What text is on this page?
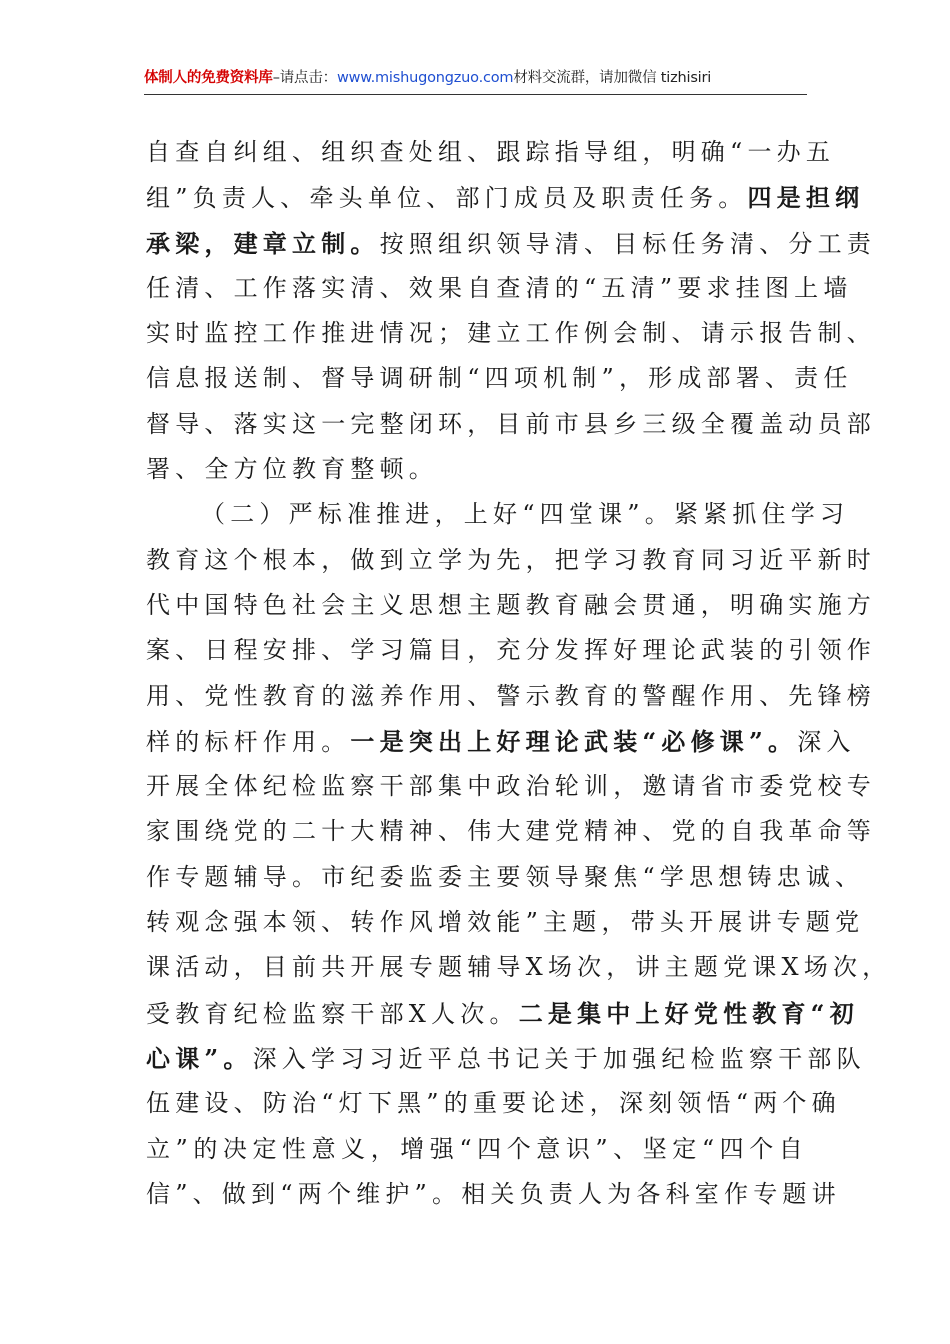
体制人的免费资料库–请点击：www.mishugongzuo.com材料交流群，请加微信 tizhisiri
自查自纠组、组织查处组、跟踪指导组，明确“一办五
组”负责人、牵头单位、部门成员及职责任务。四是担纲
承梁，建章立制。按照组织领导清、目标任务清、分工责
任清、工作落实清、效果自查清的“五清”要求挂图上墙
实时监控工作推进情况；建立工作例会制、请示报告制、
信息报送制、督导调研制“四项机制”，形成部署、责任
督导、落实这一完整闭环，目前市县乡三级全覆盖动员部
署、全方位教育整顿。
（二）严标准推进，上好“四堂课”。紧紧抓住学习
教育这个根本，做到立学为先，把学习教育同习近平新时
代中国特色社会主义思想主题教育融会贯通，明确实施方
案、日程安排、学习篇目，充分发挥好理论武装的引领作
用、党性教育的滋养作用、警示教育的警醒作用、先锋榜
样的标杆作用。一是突出上好理论武装“必修课”。深入
开展全体纪检监察干部集中政治轮训，邀请省市委党校专
家围绕党的二十大精神、伟大建党精神、党的自我革命等
作专题辅导。市纪委监委主要领导聚焦“学思想铸忠诚、
转观念强本领、转作风增效能”主题，带头开展讲专题党
课活动，目前共开展专题辅导X场次，讲主题党课X场次，
受教育纪检监察干部X人次。二是集中上好党性教育“初
心课”。深入学习习近平总书记关于加强纪检监察干部队
伍建设、防治“灯下黑”的重要论述，深刻领悟“两个确
立”的决定性意义，增强“四个意识”、坚定“四个自
信”、做到“两个维护”。相关负责人为各科室作专题讲
